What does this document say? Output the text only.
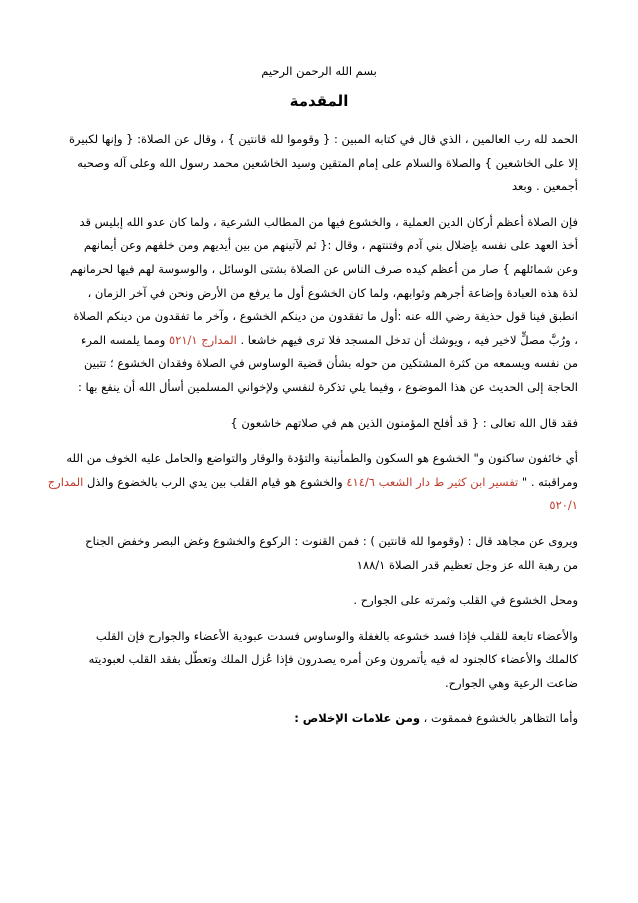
بسم الله الرحمن الرحيم
المقدمة
الحمد لله رب العالمين ، الذي قال في كتابه المبين : { وقوموا لله قانتين } ، وقال عن الصلاة: { وإنها لكبيرة
إلا على الخاشعين } والصلاة والسلام على إمام المتقين وسيد الخاشعين محمد رسول الله وعلى آله وصحبه
أجمعين . وبعد
فإن الصلاة أعظم أركان الدين العملية ، والخشوع فيها من المطالب الشرعية ، ولما كان عدو الله إبليس قد
أخذ العهد على نفسه بإضلال بني آدم وفتنتهم ، وقال :{ ثم لآتينهم من بين أيديهم ومن خلفهم وعن أيمانهم
وعن شمائلهم } صار من أعظم كيده صرف الناس عن الصلاة بشتى الوسائل ، والوسوسة لهم فيها لحرمانهم
لذة هذه العبادة وإضاعة أجرهم وثوابهم، ولما كان الخشوع أول ما يرفع من الأرض ونحن في آخر الزمان ،
انطبق فينا قول حذيفة رضي الله عنه :أول ما تفقدون من دينكم الخشوع ، وآخر ما تفقدون من دينكم الصلاة
، ورُبَّ مصلٍّ لاخير فيه ، ويوشك أن تدخل المسجد فلا ترى فيهم خاشعا . المدارج ٥٢١/١ ومما يلمسه المرء
من نفسه ويسمعه من كثرة المشتكين من حوله بشأن قضية الوساوس في الصلاة وفقدان الخشوع ؛ تتبين
الحاجة إلى الحديث عن هذا الموضوع ، وفيما يلي تذكرة لنفسي ولإخواني المسلمين أسأل الله أن ينفع بها :
فقد قال الله تعالى : { قد أفلح المؤمنون الذين هم في صلاتهم خاشعون }
أي خائفون ساكنون و" الخشوع هو السكون والطمأنينة والتؤدة والوقار والتواضع والحامل عليه الخوف من الله
ومراقبته . " تفسير ابن كثير ط دار الشعب ٤١٤/٦ والخشوع هو قيام القلب بين يدي الرب بالخضوع والذل المدارج
٥٢٠/١
ويروى عن مجاهد قال : (وقوموا لله قانتين ) : فمن القنوت : الركوع والخشوع وغض البصر وخفض الجناح
من رهبة الله عز وجل تعظيم قدر الصلاة ١٨٨/١
ومحل الخشوع في القلب وثمرته على الجوارح .
والأعضاء تابعة للقلب فإذا فسد خشوعه بالغفلة والوساوس فسدت عبودية الأعضاء والجوارح فإن القلب
كالملك والأعضاء كالجنود له فيه يأتمرون وعن أمره يصدرون فإذا عُزل الملك وتعطّل بفقد القلب لعبوديته
ضاعت الرعية وهي الجوارح.
وأما التظاهر بالخشوع فممقوت ، ومن علامات الإخلاص :
